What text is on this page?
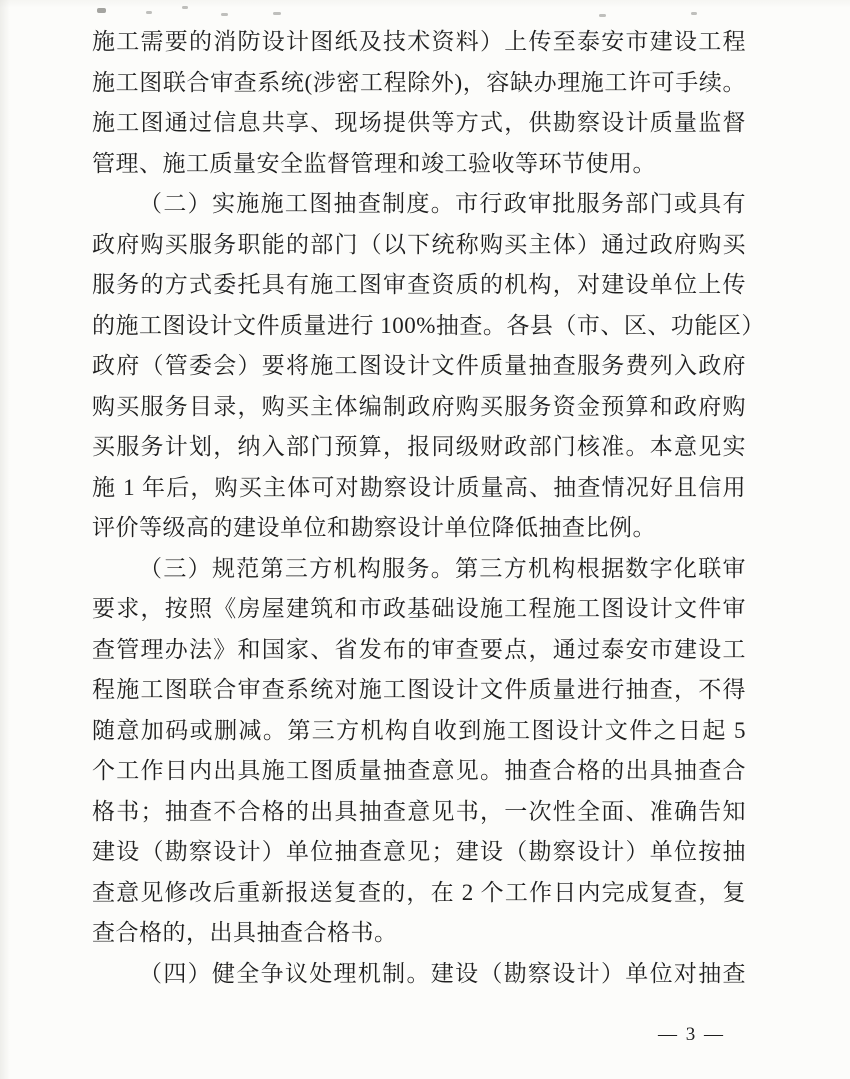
施工需要的消防设计图纸及技术资料）上传至泰安市建设工程
施工图联合审查系统(涉密工程除外)，容缺办理施工许可手续。
施工图通过信息共享、现场提供等方式，供勘察设计质量监督
管理、施工质量安全监督管理和竣工验收等环节使用。
（二）实施施工图抽查制度。市行政审批服务部门或具有
政府购买服务职能的部门（以下统称购买主体）通过政府购买
服务的方式委托具有施工图审查资质的机构，对建设单位上传
的施工图设计文件质量进行 100%抽查。各县（市、区、功能区）
政府（管委会）要将施工图设计文件质量抽查服务费列入政府
购买服务目录，购买主体编制政府购买服务资金预算和政府购
买服务计划，纳入部门预算，报同级财政部门核准。本意见实
施 1 年后，购买主体可对勘察设计质量高、抽查情况好且信用
评价等级高的建设单位和勘察设计单位降低抽查比例。
（三）规范第三方机构服务。第三方机构根据数字化联审
要求，按照《房屋建筑和市政基础设施工程施工图设计文件审
查管理办法》和国家、省发布的审查要点，通过泰安市建设工
程施工图联合审查系统对施工图设计文件质量进行抽查，不得
随意加码或删减。第三方机构自收到施工图设计文件之日起 5
个工作日内出具施工图质量抽查意见。抽查合格的出具抽查合
格书；抽查不合格的出具抽查意见书，一次性全面、准确告知
建设（勘察设计）单位抽查意见；建设（勘察设计）单位按抽
查意见修改后重新报送复查的，在 2 个工作日内完成复查，复
查合格的，出具抽查合格书。
（四）健全争议处理机制。建设（勘察设计）单位对抽查
— 3 —
